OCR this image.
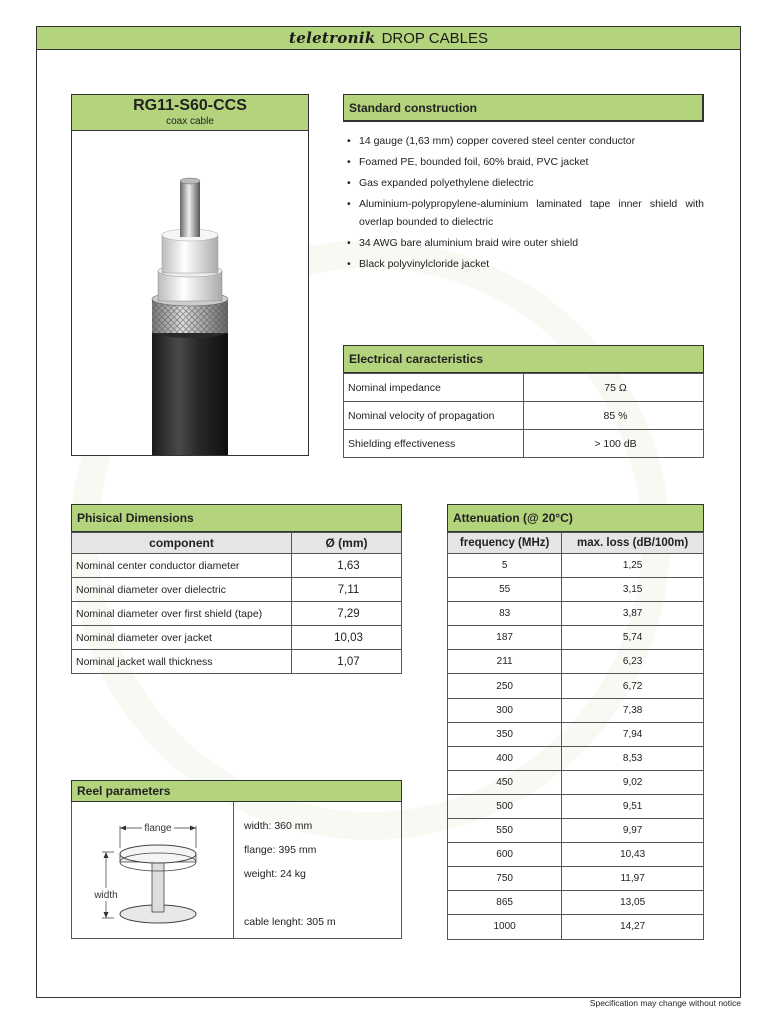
teletronik DROP CABLES
RG11-S60-CCS
coax cable
Standard construction
• 14 gauge (1,63 mm) copper covered steel center conductor
• Foamed PE, bounded foil, 60% braid, PVC jacket
• Gas expanded polyethylene dielectric
• Aluminium-polypropylene-aluminium laminated tape inner shield with overlap bounded to dielectric
• 34 AWG bare aluminium braid wire outer shield
• Black polyvinylcloride jacket
Electrical caracteristics
Nominal impedance	75 Ω
Nominal velocity of propagation	85 %
Shielding effectiveness	> 100 dB
Phisical Dimensions
component	Ø (mm)
Nominal center conductor diameter	1,63
Nominal diameter over dielectric	7,11
Nominal diameter over first shield (tape)	7,29
Nominal diameter over jacket	10,03
Nominal jacket wall thickness	1,07
Attenuation (@ 20°C)
frequency (MHz)	max. loss (dB/100m)
5	1,25
55	3,15
83	3,87
187	5,74
211	6,23
250	6,72
300	7,38
350	7,94
400	8,53
450	9,02
500	9,51
550	9,97
600	10,43
750	11,97
865	13,05
1000	14,27
Reel parameters
flange
width
width: 360 mm
flange: 395 mm
weight: 24 kg
cable lenght: 305 m
Specification may change without notice
